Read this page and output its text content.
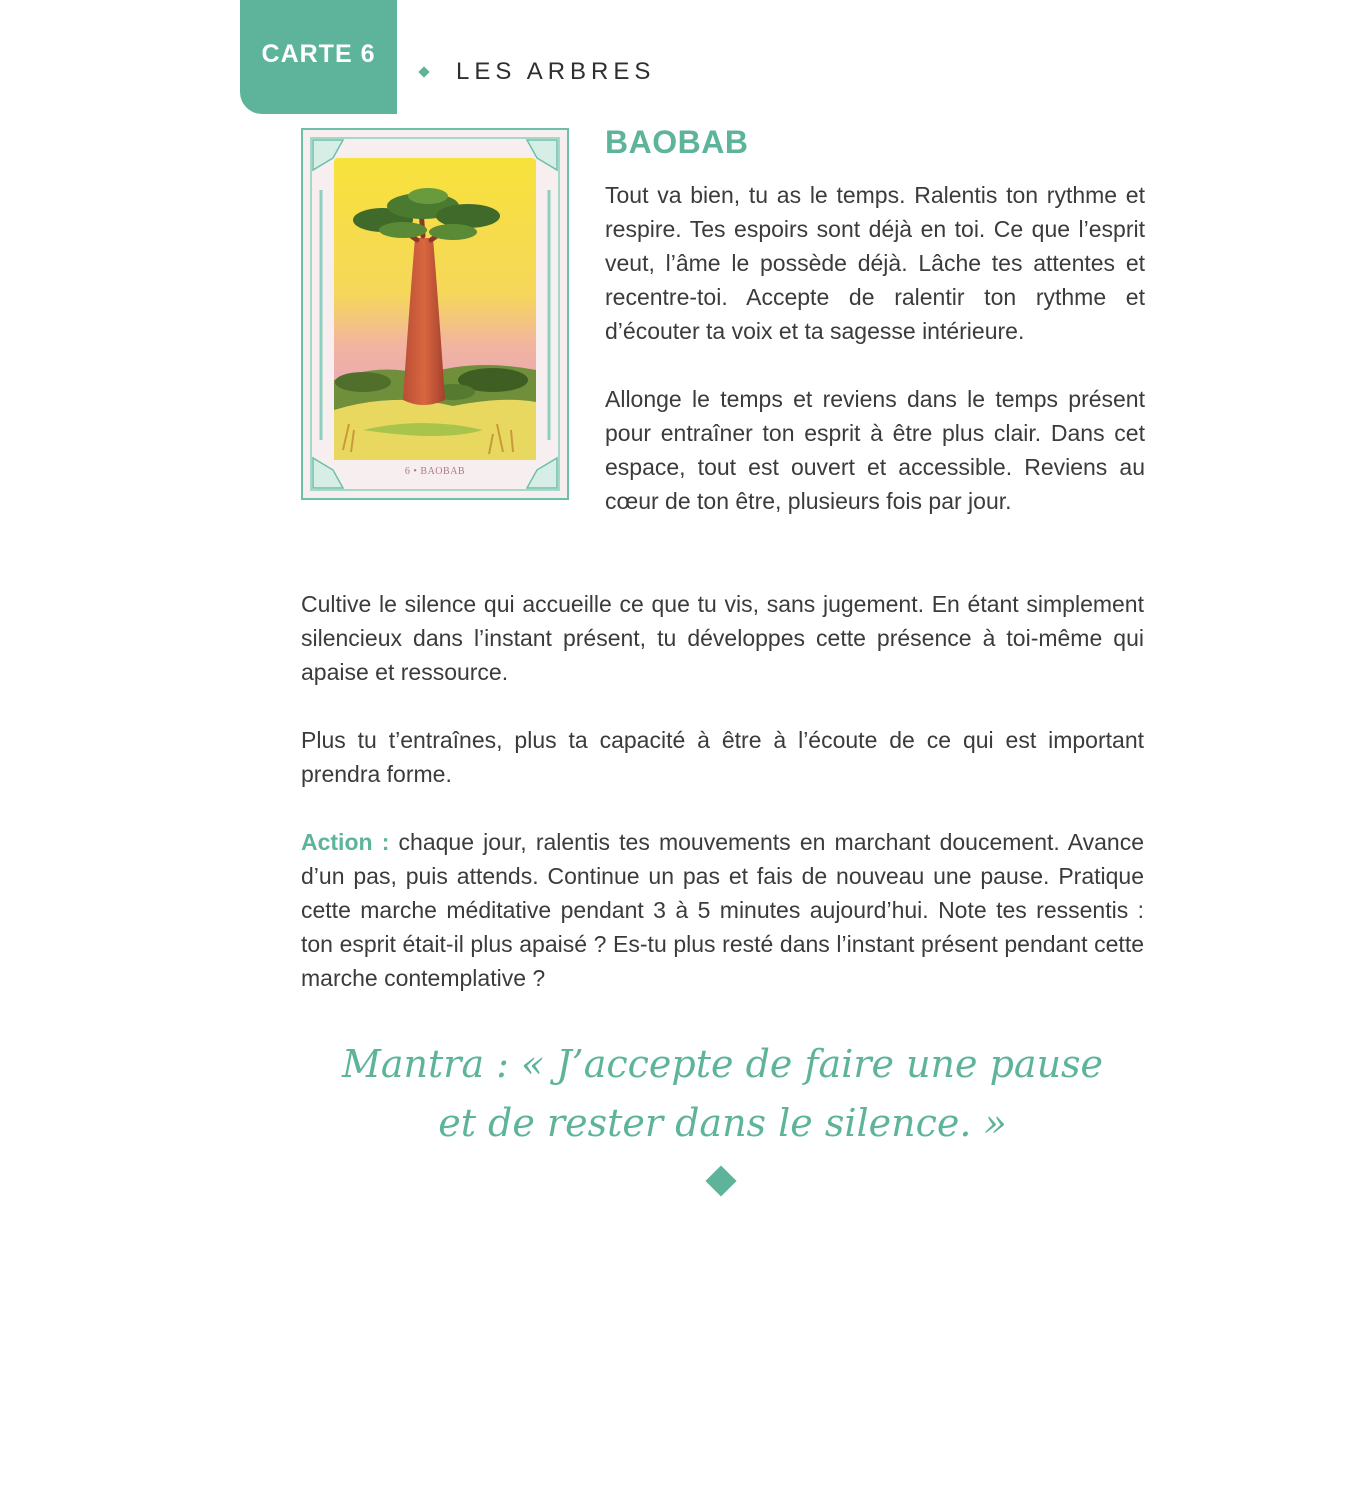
CARTE 6
LES ARBRES
6 • BAOBAB
BAOBAB

Tout va bien, tu as le temps. Ralentis ton rythme et respire. Tes espoirs sont déjà en toi. Ce que l’esprit veut, l’âme le possède déjà. Lâche tes attentes et recentre-toi. Accepte de ralentir ton rythme et d’écouter ta voix et ta sagesse intérieure.

Allonge le temps et reviens dans le temps présent pour entraîner ton esprit à être plus clair. Dans cet espace, tout est ouvert et accessible. Reviens au cœur de ton être, plusieurs fois par jour.

Cultive le silence qui accueille ce que tu vis, sans jugement. En étant simplement silencieux dans l’instant présent, tu développes cette présence à toi-même qui apaise et ressource.

Plus tu t’entraînes, plus ta capacité à être à l’écoute de ce qui est important prendra forme.

Action : chaque jour, ralentis tes mouvements en marchant doucement. Avance d’un pas, puis attends. Continue un pas et fais de nouveau une pause. Pratique cette marche méditative pendant 3 à 5 minutes aujourd’hui. Note tes ressentis : ton esprit était-il plus apaisé ? Es-tu plus resté dans l’instant présent pendant cette marche contemplative ?

Mantra : « J’accepte de faire une pause

et de rester dans le silence. »
